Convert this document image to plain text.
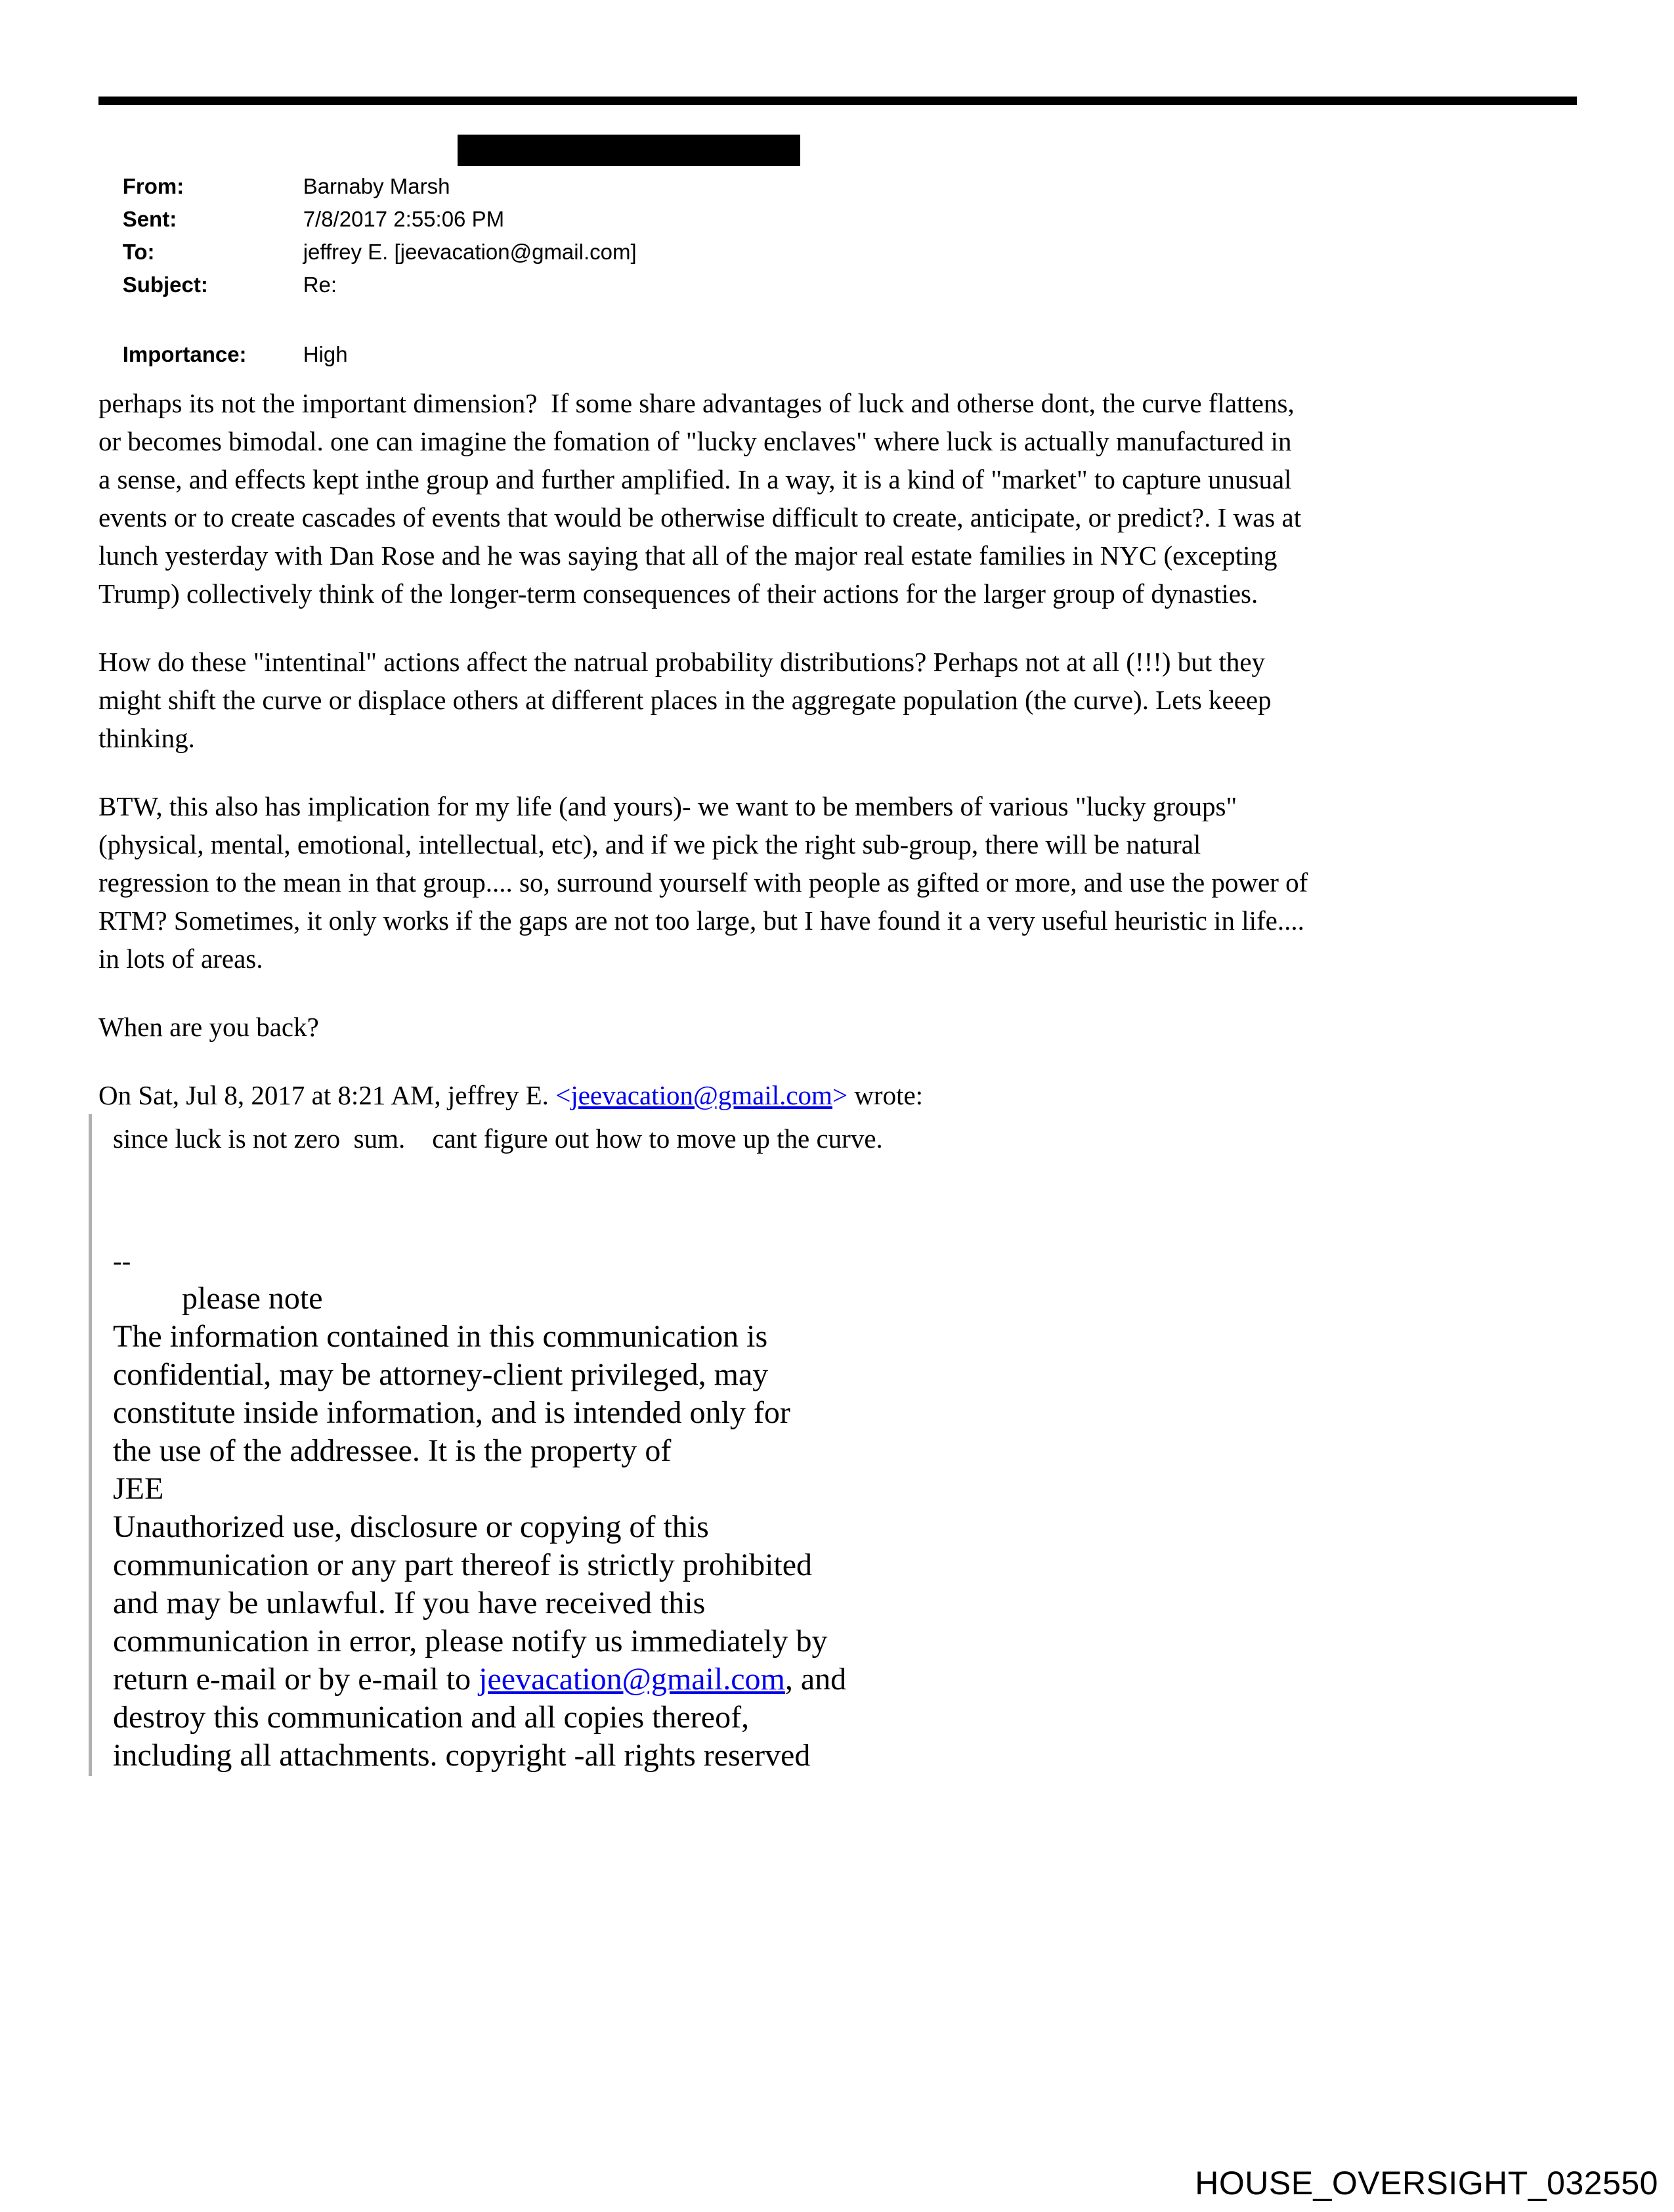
From:	Barnaby Marsh

Sent:	7/8/2017 2:55:06 PM

To:	jeffrey E. [jeevacation@gmail.com]

Subject:	Re:

Importance:	High

perhaps its not the important dimension?  If some share advantages of luck and otherse dont, the curve flattens,
or becomes bimodal. one can imagine the fomation of "lucky enclaves" where luck is actually manufactured in
a sense, and effects kept inthe group and further amplified. In a way, it is a kind of "market" to capture unusual
events or to create cascades of events that would be otherwise difficult to create, anticipate, or predict?. I was at
lunch yesterday with Dan Rose and he was saying that all of the major real estate families in NYC (excepting
Trump) collectively think of the longer-term consequences of their actions for the larger group of dynasties.
How do these "intentinal" actions affect the natrual probability distributions? Perhaps not at all (!!!) but they
might shift the curve or displace others at different places in the aggregate population (the curve). Lets keeep
thinking.
BTW, this also has implication for my life (and yours)- we want to be members of various "lucky groups"
(physical, mental, emotional, intellectual, etc), and if we pick the right sub-group, there will be natural
regression to the mean in that group.... so, surround yourself with people as gifted or more, and use the power of
RTM? Sometimes, it only works if the gaps are not too large, but I have found it a very useful heuristic in life....
in lots of areas.
When are you back?
On Sat, Jul 8, 2017 at 8:21 AM, jeffrey E. <jeevacation@gmail.com> wrote:
since luck is not zero  sum.    cant figure out how to move up the curve.
--
please note
The information contained in this communication is
confidential, may be attorney-client privileged, may
constitute inside information, and is intended only for
the use of the addressee. It is the property of
JEE
Unauthorized use, disclosure or copying of this
communication or any part thereof is strictly prohibited
and may be unlawful. If you have received this
communication in error, please notify us immediately by
return e-mail or by e-mail to jeevacation@gmail.com, and
destroy this communication and all copies thereof,
including all attachments. copyright -all rights reserved
HOUSE_OVERSIGHT_032550
